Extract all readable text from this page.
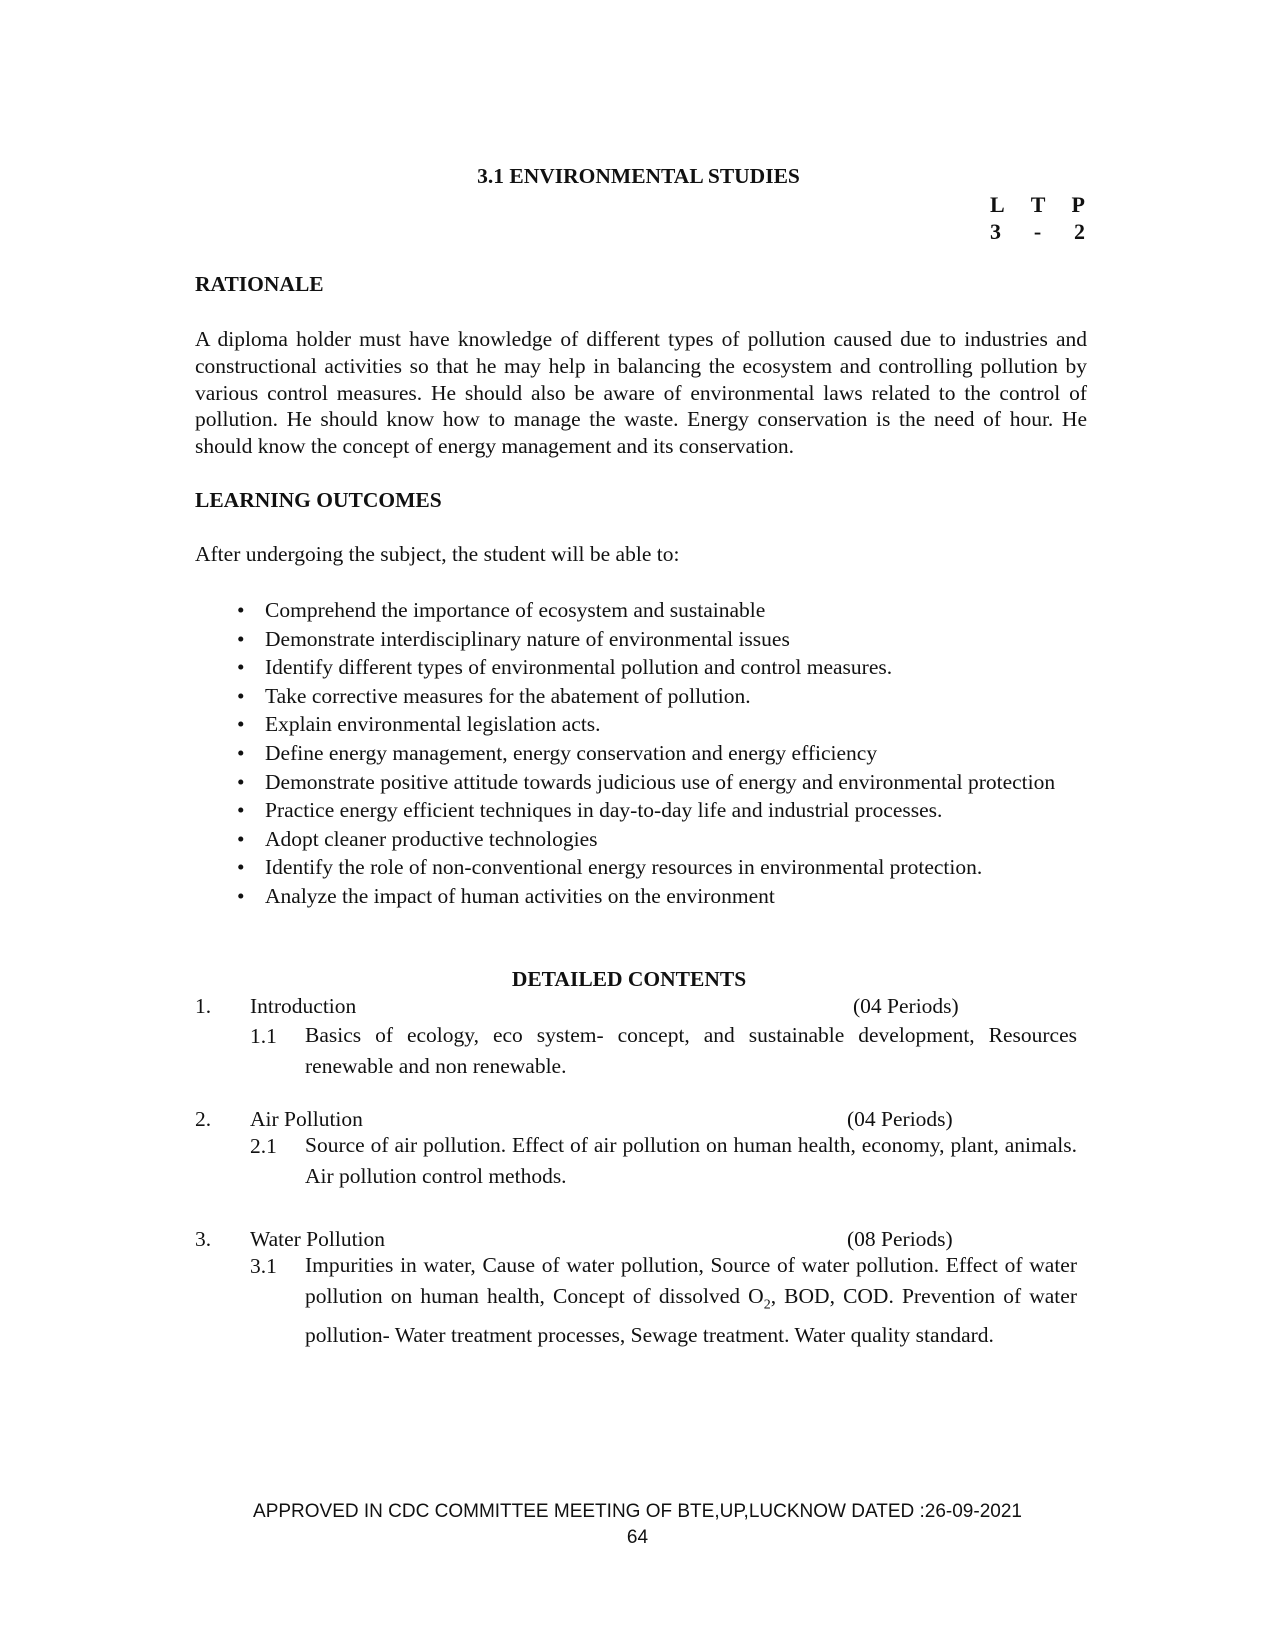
3.1 ENVIRONMENTAL STUDIES
L T P
3 - 2
RATIONALE
A diploma holder must have knowledge of different types of pollution caused due to industries and constructional activities so that he may help in balancing the ecosystem and controlling pollution by various control measures. He should also be aware of environmental laws related to the control of pollution. He should know how to manage the waste. Energy conservation is the need of hour. He should know the concept of energy management and its conservation.
LEARNING OUTCOMES
After undergoing the subject, the student will be able to:
• Comprehend the importance of ecosystem and sustainable
• Demonstrate interdisciplinary nature of environmental issues
• Identify different types of environmental pollution and control measures.
• Take corrective measures for the abatement of pollution.
• Explain environmental legislation acts.
• Define energy management, energy conservation and energy efficiency
• Demonstrate positive attitude towards judicious use of energy and environmental protection
• Practice energy efficient techniques in day-to-day life and industrial processes.
• Adopt cleaner productive technologies
• Identify the role of non-conventional energy resources in environmental protection.
• Analyze the impact of human activities on the environment
DETAILED CONTENTS
1. Introduction	(04 Periods)
1.1 Basics of ecology, eco system- concept, and sustainable development, Resources renewable and non renewable.
2. Air Pollution	(04 Periods)
2.1 Source of air pollution. Effect of air pollution on human health, economy, plant, animals. Air pollution control methods.
3. Water Pollution	(08 Periods)
3.1 Impurities in water, Cause of water pollution, Source of water pollution. Effect of water pollution on human health, Concept of dissolved $O_2$, BOD, COD. Prevention of water pollution- Water treatment processes, Sewage treatment. Water quality standard.
APPROVED IN CDC COMMITTEE MEETING OF BTE,UP,LUCKNOW DATED :26-09-2021
64
